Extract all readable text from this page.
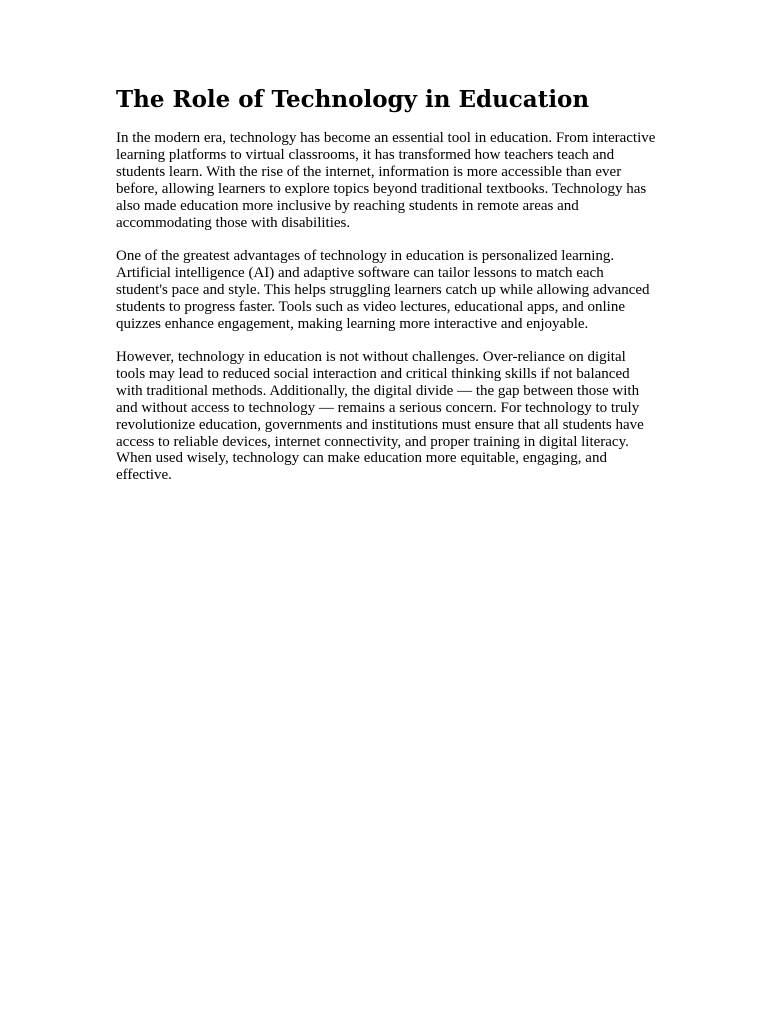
The Role of Technology in Education

In the modern era, technology has become an essential tool in education. From interactive learning platforms to virtual classrooms, it has transformed how teachers teach and students learn. With the rise of the internet, information is more accessible than ever before, allowing learners to explore topics beyond traditional textbooks. Technology has also made education more inclusive by reaching students in remote areas and accommodating those with disabilities.

One of the greatest advantages of technology in education is personalized learning. Artificial intelligence (AI) and adaptive software can tailor lessons to match each student's pace and style. This helps struggling learners catch up while allowing advanced students to progress faster. Tools such as video lectures, educational apps, and online quizzes enhance engagement, making learning more interactive and enjoyable.

However, technology in education is not without challenges. Over-reliance on digital tools may lead to reduced social interaction and critical thinking skills if not balanced with traditional methods. Additionally, the digital divide — the gap between those with and without access to technology — remains a serious concern. For technology to truly revolutionize education, governments and institutions must ensure that all students have access to reliable devices, internet connectivity, and proper training in digital literacy. When used wisely, technology can make education more equitable, engaging, and effective.
